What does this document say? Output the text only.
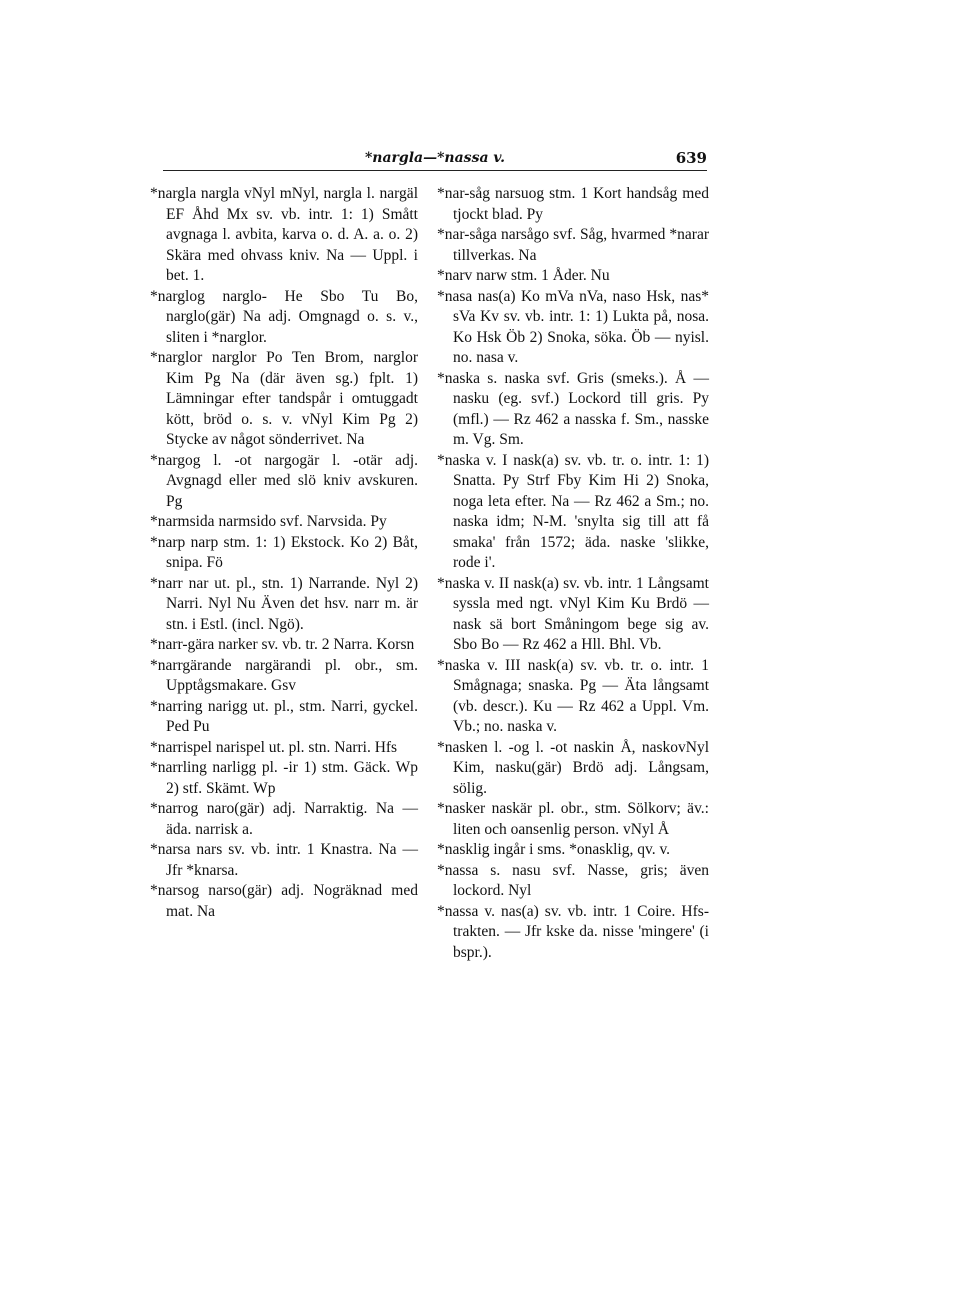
*nargla—*nassa v.	639

*nargla nargla vNyl mNyl, nargla l. nargäl EF Åhd Mx sv. vb. intr. 1: 1) Smått avgnaga l. avbita, karva o. d. A. a. o. 2) Skära med ohvass kniv. Na — Uppl. i bet. 1.

*narglog narglo- He Sbo Tu Bo, narglo(gär) Na adj. Omgnagd o. s. v., sliten i *narglor.

*narglor narglor Po Ten Brom, narglor Kim Pg Na (där även sg.) fplt. 1) Lämningar efter tandspår i omtuggadt kött, bröd o. s. v. vNyl Kim Pg 2) Stycke av något sönderrivet. Na

*nargog l. -ot nargogär l. -otär adj. Avgnagd eller med slö kniv avskuren. Pg

*narmsida narmsido svf. Narvsida. Py

*narp narp stm. 1: 1) Ekstock. Ko 2) Båt, snipa. Fö

*narr nar ut. pl., stn. 1) Narrande. Nyl 2) Narri. Nyl Nu Även det hsv. narr m. är stn. i Estl. (incl. Ngö).

*narr-gära narker sv. vb. tr. 2 Narra. Korsn

*narrgärande nargärandi pl. obr., sm. Upptågsmakare. Gsv

*narring narigg ut. pl., stm. Narri, gyckel. Ped Pu

*narrispel narispel ut. pl. stn. Narri. Hfs

*narrling narligg pl. -ir 1) stm. Gäck. Wp 2) stf. Skämt. Wp

*narrog naro(gär) adj. Narraktig. Na — äda. narrisk a.

*narsa nars sv. vb. intr. 1 Knastra. Na — Jfr *knarsa.

*narsog narso(gär) adj. Nogräknad med mat. Na

*nar-såg narsuog stm. 1 Kort handsåg med tjockt blad. Py

*nar-såga narsågo svf. Såg, hvarmed *narar tillverkas. Na

*narv narw stm. 1 Åder. Nu

*nasa nas(a) Ko mVa nVa, naso Hsk, nas* sVa Kv sv. vb. intr. 1: 1) Lukta på, nosa. Ko Hsk Öb 2) Snoka, söka. Öb — nyisl. no. nasa v.

*naska s. naska svf. Gris (smeks.). Å — nasku (eg. svf.) Lockord till gris. Py (mfl.) — Rz 462 a nasska f. Sm., nasske m. Vg. Sm.

*naska v. I nask(a) sv. vb. tr. o. intr. 1: 1) Snatta. Py Strf Fby Kim Hi 2) Snoka, noga leta efter. Na — Rz 462 a Sm.; no. naska idm; N-M. 'snylta sig till att få smaka' från 1572; äda. naske 'slikke, rode i'.

*naska v. II nask(a) sv. vb. intr. 1 Långsamt syssla med ngt. vNyl Kim Ku Brdö — nask sä bort Småningom bege sig av. Sbo Bo — Rz 462 a Hll. Bhl. Vb.

*naska v. III nask(a) sv. vb. tr. o. intr. 1 Smågnaga; snaska. Pg — Äta långsamt (vb. descr.). Ku — Rz 462 a Uppl. Vm. Vb.; no. naska v.

*nasken l. -og l. -ot naskin Å, naskovNyl Kim, nasku(gär) Brdö adj. Långsam, sölig.

*nasker naskär pl. obr., stm. Sölkorv; äv.: liten och oansenlig person. vNyl Å

*nasklig ingår i sms. *onasklig, qv. v.

*nassa s. nasu svf. Nasse, gris; även lockord. Nyl

*nassa v. nas(a) sv. vb. intr. 1 Coire. Hfs-trakten. — Jfr kske da. nisse 'mingere' (i bspr.).
